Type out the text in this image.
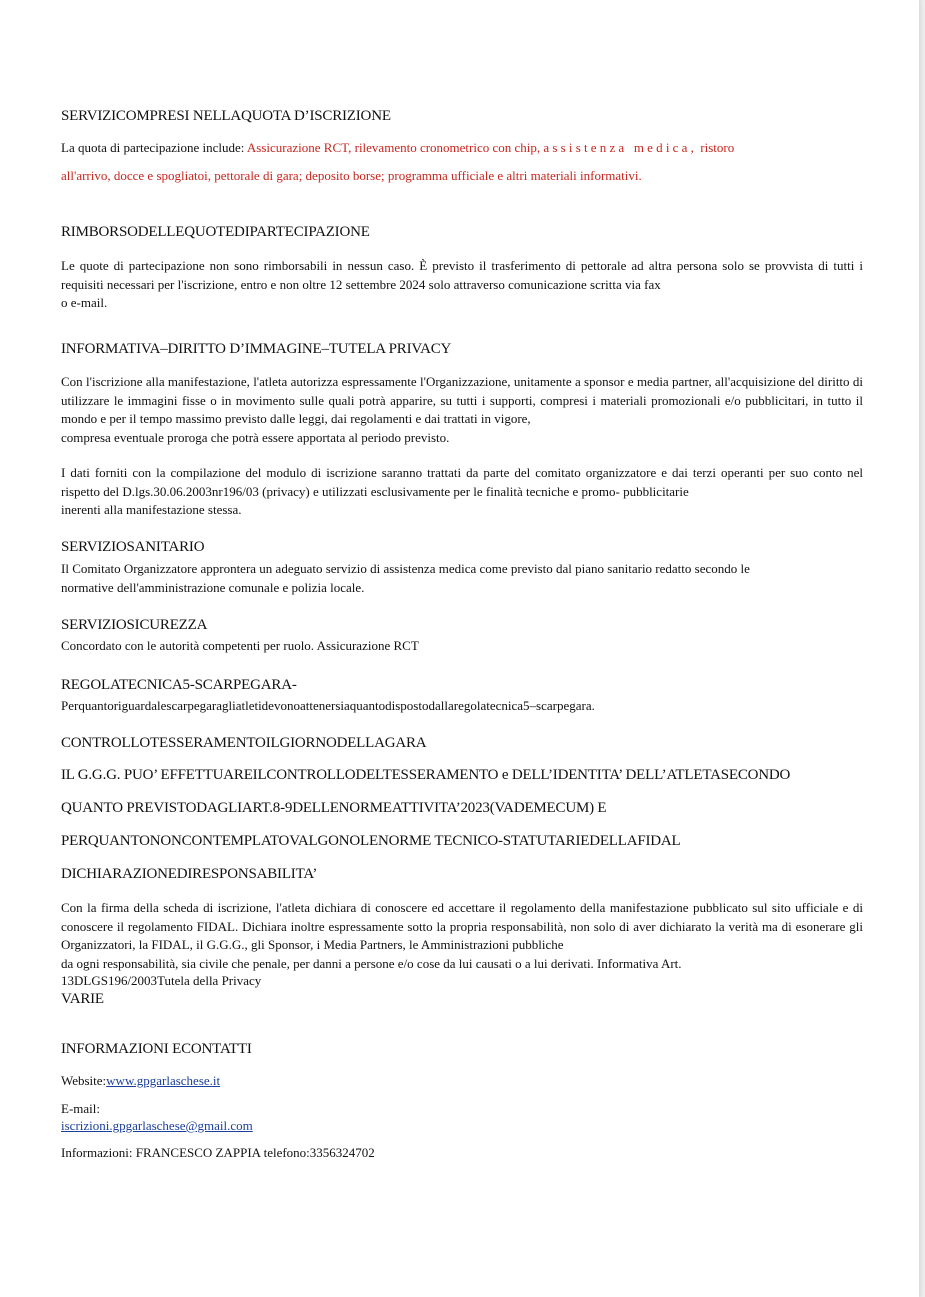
SERVIZICOMPRESI NELLAQUOTA D’ISCRIZIONE
La quota di partecipazione include: Assicurazione RCT, rilevamento cronometrico con chip, assistenza medica, ristoro
all'arrivo, docce e spogliatoi, pettorale di gara; deposito borse; programma ufficiale e altri materiali informativi.
RIMBORSODELLEQUOTEDIPARTECIPAZIONE
Le quote di partecipazione non sono rimborsabili in nessun caso. È previsto il trasferimento di pettorale ad altra persona solo se provvista di tutti i requisiti necessari per l'iscrizione, entro e non oltre 12 settembre 2024 solo attraverso comunicazione scritta via fax
o e-mail.
INFORMATIVA–DIRITTO D’IMMAGINE–TUTELA PRIVACY
Con l'iscrizione alla manifestazione, l'atleta autorizza espressamente l'Organizzazione, unitamente a sponsor e media partner, all'acquisizione del diritto di utilizzare le immagini fisse o in movimento sulle quali potrà apparire, su tutti i supporti, compresi i materiali promozionali e/o pubblicitari, in tutto il mondo e per il tempo massimo previsto dalle leggi, dai regolamenti e dai trattati in vigore,
compresa eventuale proroga che potrà essere apportata al periodo previsto.
I dati forniti con la compilazione del modulo di iscrizione saranno trattati da parte del comitato organizzatore e dai terzi operanti per suo conto nel rispetto del D.lgs.30.06.2003nr196/03 (privacy) e utilizzati esclusivamente per le finalità tecniche e promo- pubblicitarie
inerenti alla manifestazione stessa.
SERVIZIOSANITARIO
Il Comitato Organizzatore approntera un adeguato servizio di assistenza medica come previsto dal piano sanitario redatto secondo le
normative dell'amministrazione comunale e polizia locale.
SERVIZIOSICUREZZA
Concordato con le autorità competenti per ruolo. Assicurazione RCT
REGOLATECNICA5-SCARPEGARA-
Perquantoriguardalescarpegaragliatletidevonoattenersiaquantodispostodallaregolatecnica5–scarpegara.
CONTROLLOTESSERAMENTOILGIORNODELLAGARA
IL G.G.G. PUO’ EFFETTUAREILCONTROLLODELTESSERAMENTO e DELL’IDENTITA’ DELL’ATLETASECONDO
QUANTO PREVISTODAGLIART.8-9DELLENORMEATTIVITA’2023(VADEMECUM) E
PERQUANTONONCONTEMPLATOVALGONOLENORME TECNICO-STATUTARIEDELLAFIDAL
DICHIARAZIONEDIRESPONSABILITA’
Con la firma della scheda di iscrizione, l'atleta dichiara di conoscere ed accettare il regolamento della manifestazione pubblicato sul sito ufficiale e di conoscere il regolamento FIDAL. Dichiara inoltre espressamente sotto la propria responsabilità, non solo di aver dichiarato la verità ma di esonerare gli Organizzatori, la FIDAL, il G.G.G., gli Sponsor, i Media Partners, le Amministrazioni pubbliche
da ogni responsabilità, sia civile che penale, per danni a persone e/o cose da lui causati o a lui derivati. Informativa Art.
13DLGS196/2003Tutela della Privacy
VARIE
INFORMAZIONI ECONTATTI
Website:www.gpgarlaschese.it
E-mail:
iscrizioni.gpgarlaschese@gmail.com
Informazioni: FRANCESCO ZAPPIA telefono:3356324702
